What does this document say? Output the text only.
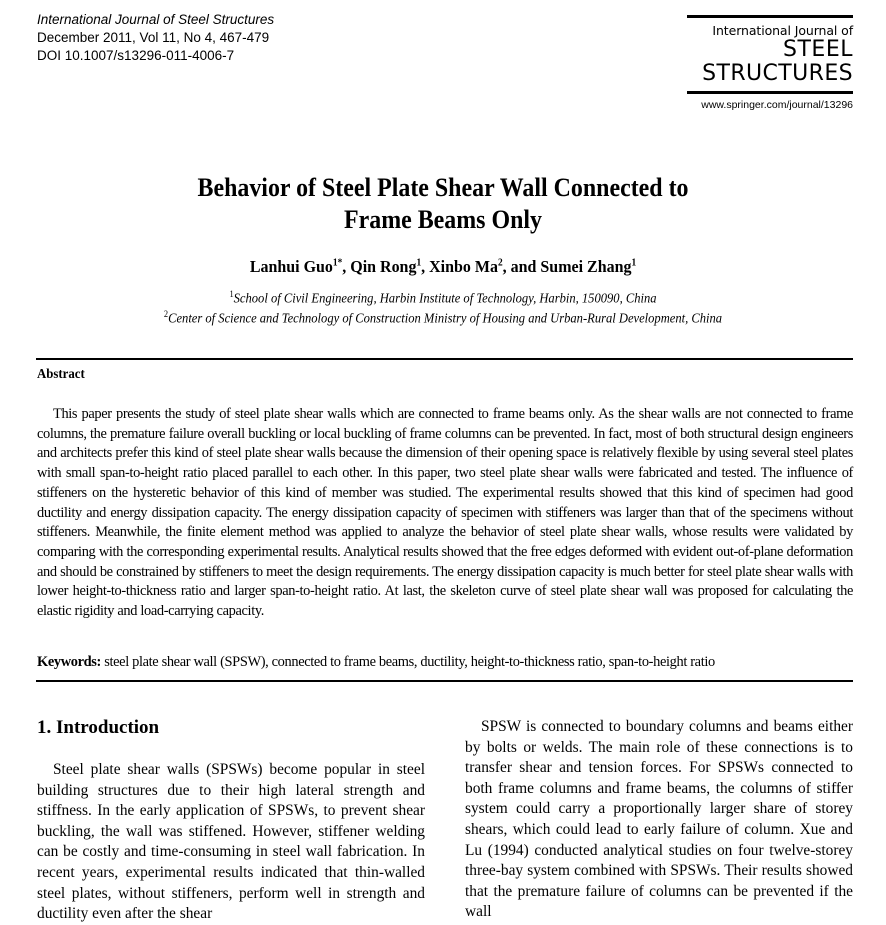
International Journal of Steel Structures
December 2011, Vol 11, No 4, 467-479
DOI 10.1007/s13296-011-4006-7
International Journal of
STEEL
STRUCTURES
www.springer.com/journal/13296
Behavior of Steel Plate Shear Wall Connected to
Frame Beams Only
Lanhui Guo$^{1*}$, Qin Rong$^1$, Xinbo Ma$^2$, and Sumei Zhang$^1$
$^1$School of Civil Engineering, Harbin Institute of Technology, Harbin, 150090, China
$^2$Center of Science and Technology of Construction Ministry of Housing and Urban-Rural Development, China
Abstract
This paper presents the study of steel plate shear walls which are connected to frame beams only. As the shear walls are not connected to frame columns, the premature failure overall buckling or local buckling of frame columns can be prevented. In fact, most of both structural design engineers and architects prefer this kind of steel plate shear walls because the dimension of their opening space is relatively flexible by using several steel plates with small span-to-height ratio placed parallel to each other. In this paper, two steel plate shear walls were fabricated and tested. The influence of stiffeners on the hysteretic behavior of this kind of member was studied. The experimental results showed that this kind of specimen had good ductility and energy dissipation capacity. The energy dissipation capacity of specimen with stiffeners was larger than that of the specimens without stiffeners. Meanwhile, the finite element method was applied to analyze the behavior of steel plate shear walls, whose results were validated by comparing with the corresponding experimental results. Analytical results showed that the free edges deformed with evident out-of-plane deformation and should be constrained by stiffeners to meet the design requirements. The energy dissipation capacity is much better for steel plate shear walls with lower height-to-thickness ratio and larger span-to-height ratio. At last, the skeleton curve of steel plate shear wall was proposed for calculating the elastic rigidity and load-carrying capacity.
Keywords: steel plate shear wall (SPSW), connected to frame beams, ductility, height-to-thickness ratio, span-to-height ratio
1. Introduction

Steel plate shear walls (SPSWs) become popular in steel building structures due to their high lateral strength and stiffness. In the early application of SPSWs, to prevent shear buckling, the wall was stiffened. However, stiffener welding can be costly and time-consuming in steel wall fabrication. In recent years, experimental results indicated that thin-walled steel plates, without stiffeners, perform well in strength and ductility even after the shear

SPSW is connected to boundary columns and beams either by bolts or welds. The main role of these connections is to transfer shear and tension forces. For SPSWs connected to both frame columns and frame beams, the columns of stiffer system could carry a proportionally larger share of storey shears, which could lead to early failure of column. Xue and Lu (1994) conducted analytical studies on four twelve-storey three-bay system combined with SPSWs. Their results showed that the premature failure of columns can be prevented if the wall
